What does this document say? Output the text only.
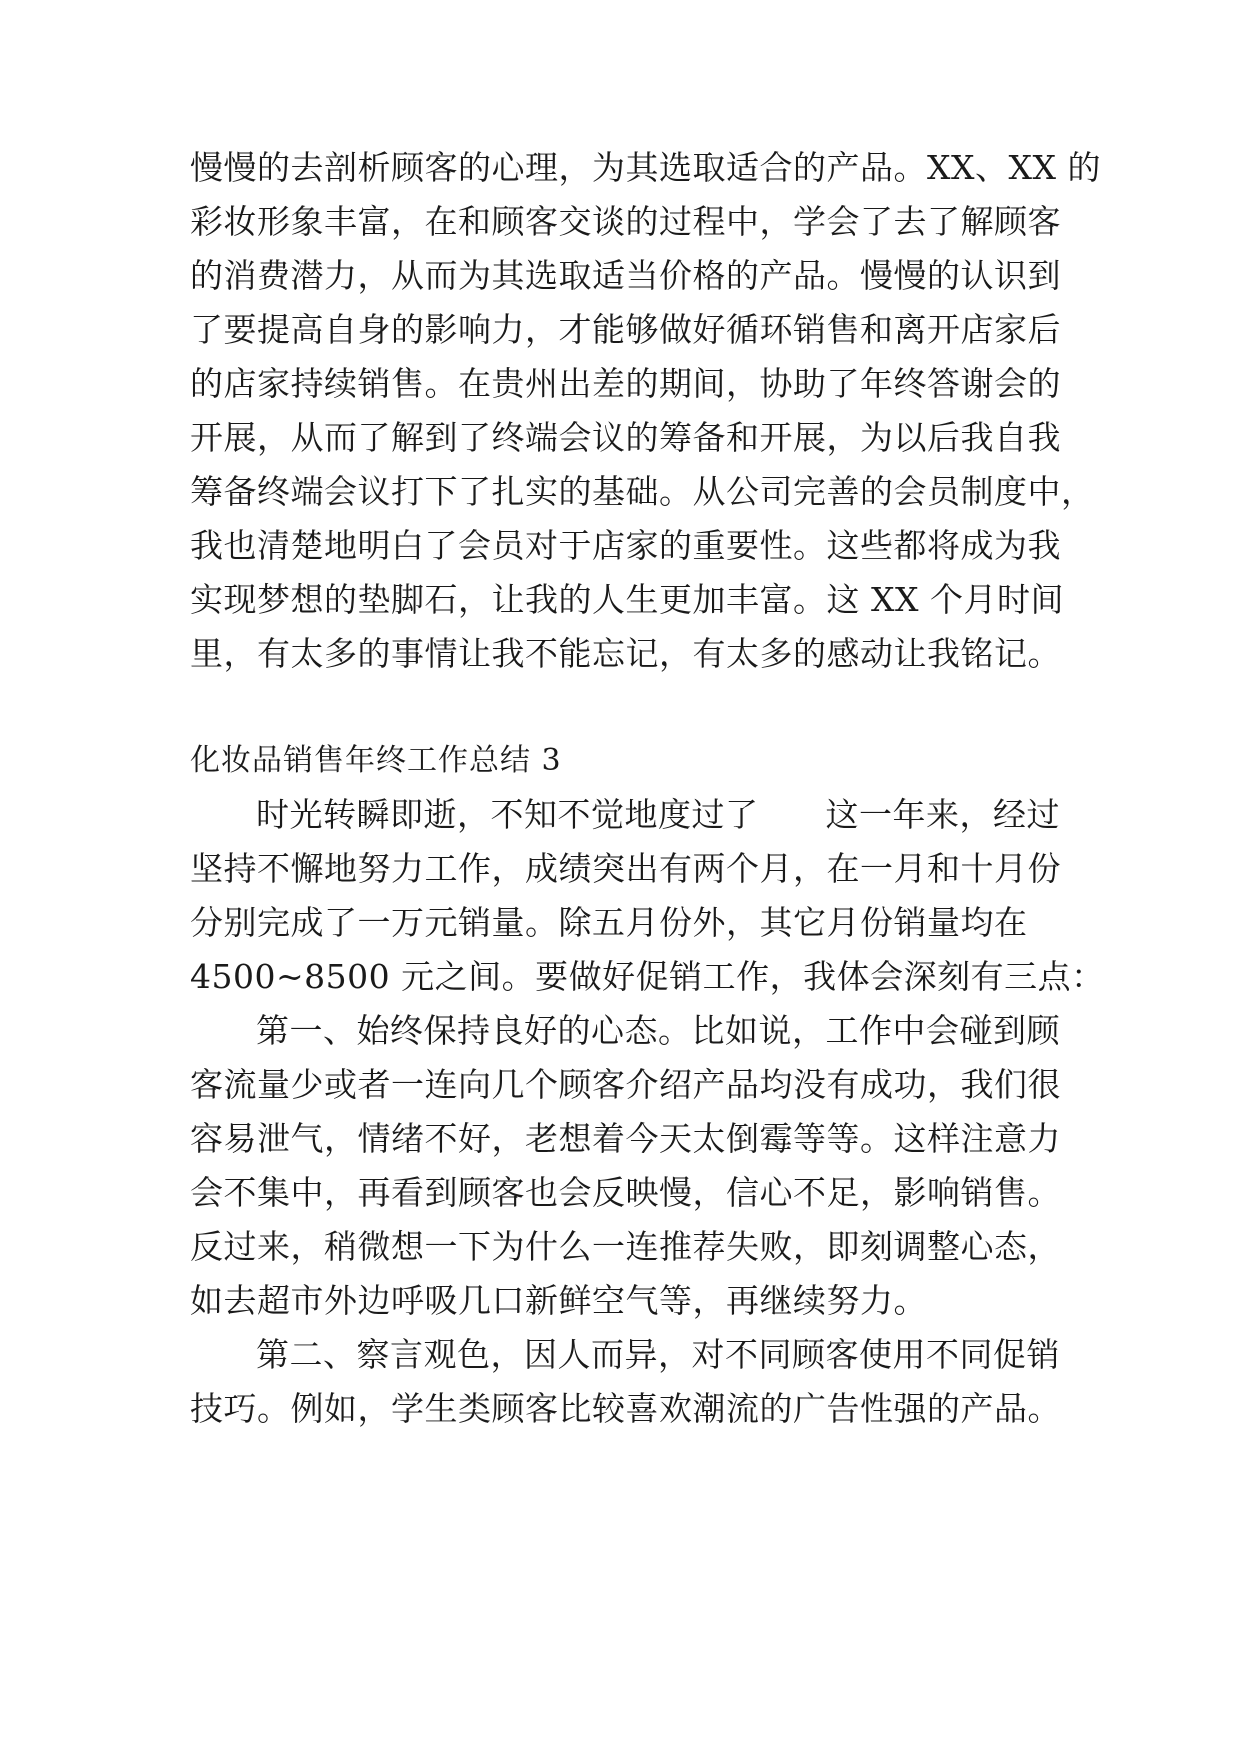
慢慢的去剖析顾客的心理，为其选取适合的产品。XX、XX 的
彩妆形象丰富，在和顾客交谈的过程中，学会了去了解顾客
的消费潜力，从而为其选取适当价格的产品。慢慢的认识到
了要提高自身的影响力，才能够做好循环销售和离开店家后
的店家持续销售。在贵州出差的期间，协助了年终答谢会的
开展，从而了解到了终端会议的筹备和开展，为以后我自我
筹备终端会议打下了扎实的基础。从公司完善的会员制度中，
我也清楚地明白了会员对于店家的重要性。这些都将成为我
实现梦想的垫脚石，让我的人生更加丰富。这 XX 个月时间
里，有太多的事情让我不能忘记，有太多的感动让我铭记。
化妆品销售年终工作总结 3
时光转瞬即逝，不知不觉地度过了　　这一年来，经过
坚持不懈地努力工作，成绩突出有两个月，在一月和十月份
分别完成了一万元销量。除五月份外，其它月份销量均在
4500~8500 元之间。要做好促销工作，我体会深刻有三点：
第一、始终保持良好的心态。比如说，工作中会碰到顾
客流量少或者一连向几个顾客介绍产品均没有成功，我们很
容易泄气，情绪不好，老想着今天太倒霉等等。这样注意力
会不集中，再看到顾客也会反映慢，信心不足，影响销售。
反过来，稍微想一下为什么一连推荐失败，即刻调整心态，
如去超市外边呼吸几口新鲜空气等，再继续努力。
第二、察言观色，因人而异，对不同顾客使用不同促销
技巧。例如，学生类顾客比较喜欢潮流的广告性强的产品。
